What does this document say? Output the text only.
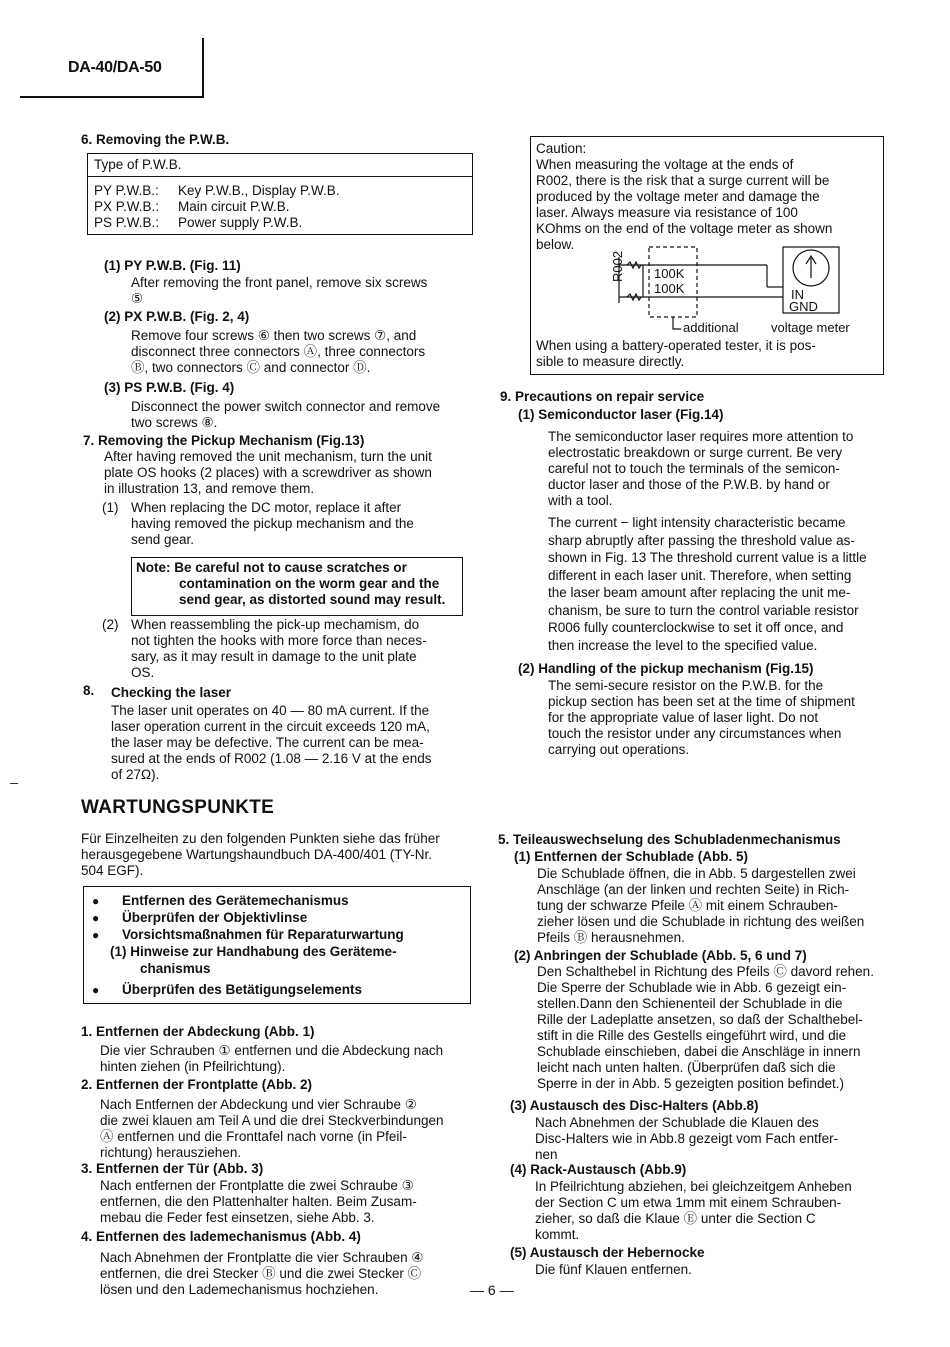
DA-40/DA-50
6. Removing the P.W.B.
Type of P.W.B.
PY P.W.B.:	Key P.W.B., Display P.W.B.
PX P.W.B.:	Main circuit P.W.B.
PS P.W.B.:	Power supply P.W.B.
(1) PY P.W.B. (Fig. 11)

After removing the front panel, remove six screws

⑤

(2) PX P.W.B. (Fig. 2, 4)

Remove four screws ⑥ then two screws ⑦, and

disconnect three connectors Ⓐ, three connectors

Ⓑ, two connectors Ⓒ and connector Ⓓ.

(3) PS P.W.B. (Fig. 4)

Disconnect the power switch connector and remove

two screws ⑧.

7. Removing the Pickup Mechanism (Fig.13)

After having removed the unit mechanism, turn the unit

plate OS hooks (2 places) with a screwdriver as shown

in illustration 13, and remove them.

(1) When replacing the DC motor, replace it after

having removed the pickup mechanism and the

send gear.

Note: Be careful not to cause scratches or

contamination on the worm gear and the

send gear, as distorted sound may result.

(2) When reassembling the pick-up mechamism, do

not tighten the hooks with more force than neces-

sary, as it may result in damage to the unit plate

OS.

8. Checking the laser

The laser unit operates on 40 — 80 mA current. If the

laser operation current in the circuit exceeds 120 mA,

the laser may be defective. The current can be mea-

sured at the ends of R002 (1.08 — 2.16 V at the ends

of 27Ω).

Caution:

When measuring the voltage at the ends of

R002, there is the risk that a surge current will be

produced by the voltage meter and damage the

laser. Always measure via resistance of 100

KOhms on the end of the voltage meter as shown

below.

R002 100K
100K	IN
GND
additional voltage meter

When using a battery-operated tester, it is pos-

sible to measure directly.

9. Precautions on repair service
(1) Semiconductor laser (Fig.14)

The semiconductor laser requires more attention to

electrostatic breakdown or surge current. Be very

careful not to touch the terminals of the semicon-

ductor laser and those of the P.W.B. by hand or

with a tool.

The current − light intensity characteristic became

sharp abruptly after passing the threshold value as-

shown in Fig. 13 The threshold current value is a little

different in each laser unit. Therefore, when setting

the laser beam amount after replacing the unit me-

chanism, be sure to turn the control variable resistor

R006 fully counterclockwise to set it off once, and

then increase the level to the specified value.

(2) Handling of the pickup mechanism (Fig.15)

The semi-secure resistor on the P.W.B. for the

pickup section has been set at the time of shipment

for the appropriate value of laser light. Do not

touch the resistor under any circumstances when

carrying out operations.

WARTUNGSPUNKTE

Für Einzelheiten zu den folgenden Punkten siehe das früher

herausgegebene Wartungshaundbuch DA-400/401 (TY-Nr.

504 EGF).

Entfernen des Gerätemechanismus
Überprüfen der Objektivlinse
Vorsichtsmaßnahmen für Reparaturwartung
(1) Hinweise zur Handhabung des Geräteme-
chanismus
Überprüfen des Betätigungselements
1. Entfernen der Abdeckung (Abb. 1)

Die vier Schrauben ① entfernen und die Abdeckung nach

hinten ziehen (in Pfeilrichtung).

2. Entfernen der Frontplatte (Abb. 2)

Nach Entfernen der Abdeckung und vier Schraube ②

die zwei klauen am Teil A und die drei Steckverbindungen

Ⓐ entfernen und die Fronttafel nach vorne (in Pfeil-

richtung) herausziehen.

3. Entfernen der Tür (Abb. 3)

Nach entfernen der Frontplatte die zwei Schraube ③

entfernen, die den Plattenhalter halten. Beim Zusam-

mebau die Feder fest einsetzen, siehe Abb. 3.

4. Entfernen des lademechanismus (Abb. 4)

Nach Abnehmen der Frontplatte die vier Schrauben ④

entfernen, die drei Stecker Ⓑ und die zwei Stecker Ⓒ

lösen und den Lademechanismus hochziehen.

5. Teileauswechselung des Schubladenmechanismus
(1) Entfernen der Schublade (Abb. 5)

Die Schublade öffnen, die in Abb. 5 dargestellen zwei

Anschläge (an der linken und rechten Seite) in Rich-

tung der schwarze Pfeile Ⓐ mit einem Schrauben-

zieher lösen und die Schublade in richtung des weißen

Pfeils Ⓑ herausnehmen.

(2) Anbringen der Schublade (Abb. 5, 6 und 7)

Den Schalthebel in Richtung des Pfeils Ⓒ davord rehen.

Die Sperre der Schublade wie in Abb. 6 gezeigt ein-

stellen.Dann den Schienenteil der Schublade in die

Rille der Ladeplatte ansetzen, so daß der Schalthebel-

stift in die Rille des Gestells eingeführt wird, und die

Schublade einschieben, dabei die Anschläge in innern

leicht nach unten halten. (Überprüfen daß sich die

Sperre in der in Abb. 5 gezeigten position befindet.)

(3) Austausch des Disc-Halters (Abb.8)

Nach Abnehmen der Schublade die Klauen des

Disc-Halters wie in Abb.8 gezeigt vom Fach entfer-

nen

(4) Rack-Austausch (Abb.9)

In Pfeilrichtung abziehen, bei gleichzeitgem Anheben

der Section C um etwa 1mm mit einem Schrauben-

zieher, so daß die Klaue Ⓔ unter die Section C

kommt.

(5) Austausch der Hebernocke

Die fünf Klauen entfernen.

— 6 —
